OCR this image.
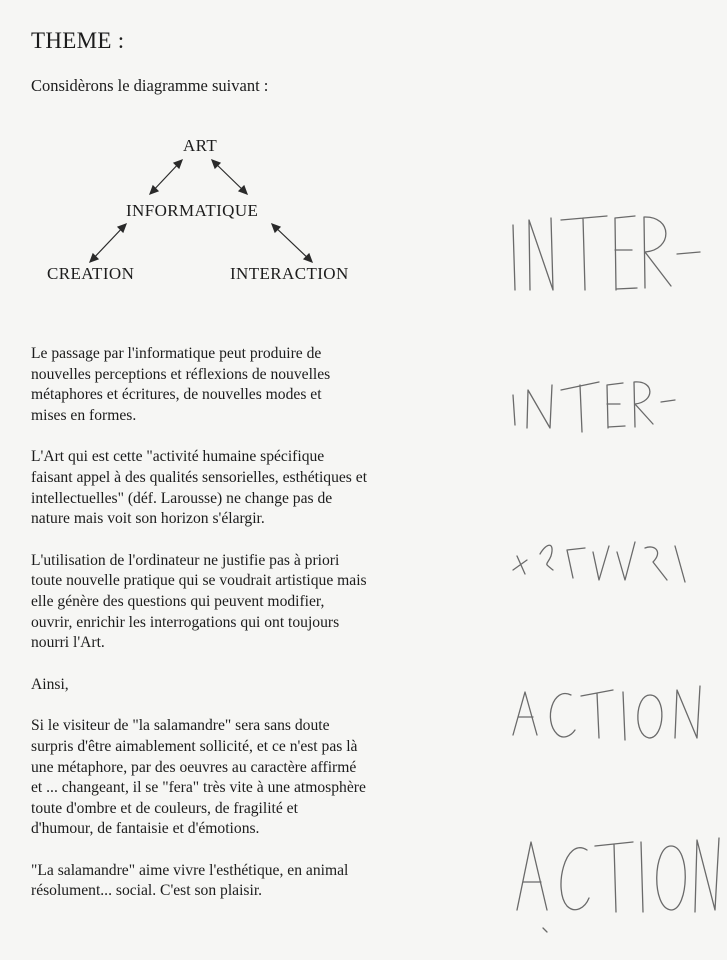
THEME :
Considèrons le diagramme suivant :
ART
INFORMATIQUE
CREATION	INTERACTION

Le passage par l'informatique peut produire de
nouvelles perceptions et réflexions de nouvelles
métaphores et écritures, de nouvelles modes et
mises en formes.

L'Art qui est cette "activité humaine spécifique
faisant appel à des qualités sensorielles, esthétiques et
intellectuelles" (déf. Larousse) ne change pas de
nature mais voit son horizon s'élargir.

L'utilisation de l'ordinateur ne justifie pas à priori
toute nouvelle pratique qui se voudrait artistique mais
elle génère des questions qui peuvent modifier,
ouvrir, enrichir les interrogations qui ont toujours
nourri l'Art.

Ainsi,

Si le visiteur de "la salamandre" sera sans doute
surpris d'être aimablement sollicité, et ce n'est pas là
une métaphore, par des oeuvres au caractère affirmé
et ... changeant, il se "fera" très vite à une atmosphère
toute d'ombre et de couleurs, de fragilité et
d'humour, de fantaisie et d'émotions.

"La salamandre" aime vivre l'esthétique, en animal
résolument... social. C'est son plaisir.
